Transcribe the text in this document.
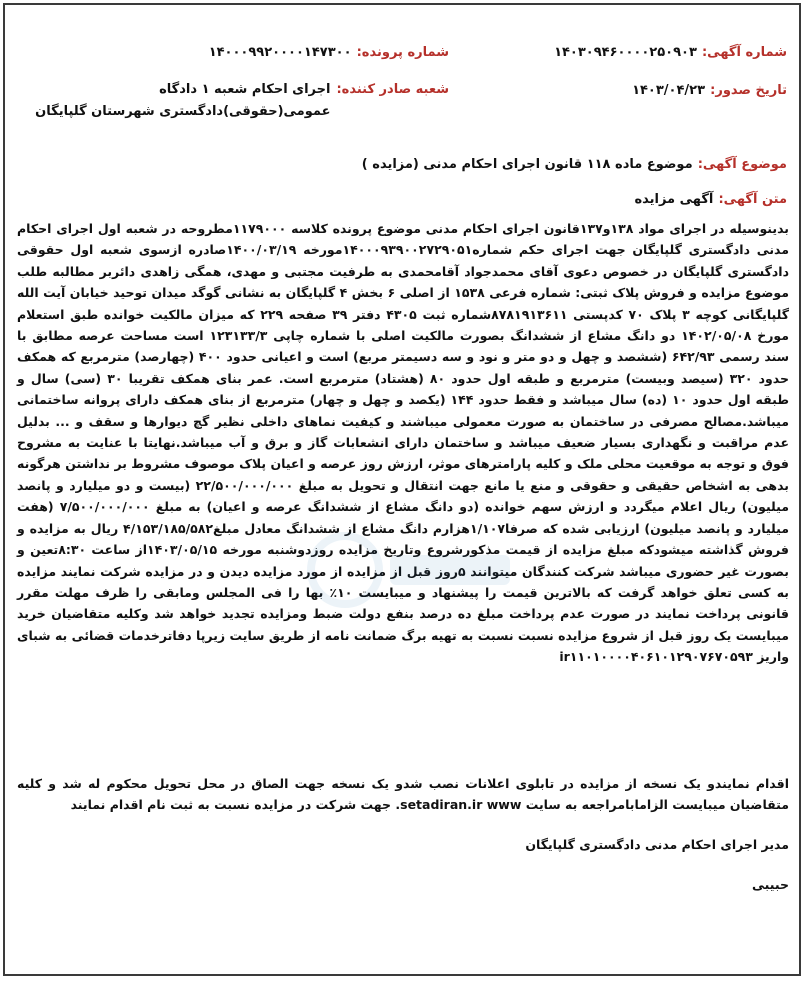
شماره آگهی: ۱۴۰۳۰۹۴۶۰۰۰۰۲۵۰۹۰۳
شماره پرونده: ۱۴۰۰۰۹۹۲۰۰۰۰۱۴۷۳۰۰
تاریخ صدور: ۱۴۰۳/۰۴/۲۳
شعبه صادر کننده:
اجرای احکام شعبه ۱ دادگاه عمومی(حقوقی)دادگستری شهرستان گلپایگان
موضوع آگهی: موضوع ماده ۱۱۸ قانون اجرای احکام مدنی (مزایده )
متن آگهی: آگهی مزایده
بدینوسیله در اجرای مواد ۱۳۸و۱۳۷قانون اجرای احکام مدنی موضوع پرونده کلاسه ۱۱۷۹۰۰۰مطروحه در شعبه اول اجرای احکام مدنی دادگستری گلپایگان جهت اجرای حکم شماره۱۴۰۰۰۹۳۹۰۰۲۷۲۹۰۵۱مورخه ۱۴۰۰/۰۳/۱۹صادره ازسوی شعبه اول حقوقی دادگستری گلپایگان در خصوص دعوی آقای محمدجواد آقامحمدی به طرفیت مجتبی و مهدی، همگی زاهدی دائربر مطالبه طلب موضوع مزایده و فروش پلاک ثبتی: شماره فرعی ۱۵۳۸ از اصلی ۶ بخش ۴ گلپایگان به نشانی گوگد میدان توحید خیابان آیت الله گلپایگانی کوچه ۳ پلاک ۷۰ کدپستی ۸۷۸۱۹۱۳۶۱۱شماره ثبت ۴۳۰۵ دفتر ۳۹ صفحه ۲۲۹ که میزان مالکیت خوانده طبق استعلام مورخ ۱۴۰۲/۰۵/۰۸ دو دانگ مشاع از ششدانگ بصورت مالکیت اصلی با شماره چاپی ۱۲۳۱۳۳/۳ است مساحت عرصه مطابق با سند رسمی ۶۴۲/۹۳ (ششصد و چهل و دو متر و نود و سه دسیمتر مربع) است و اعیانی حدود ۴۰۰ (چهارصد) مترمربع که همکف حدود ۳۲۰ (سیصد وبیست) مترمربع و طبقه اول حدود ۸۰ (هشتاد) مترمربع است. عمر بنای همکف تقریبا ۳۰ (سی) سال و طبقه اول حدود ۱۰ (ده) سال میباشد و فقط حدود ۱۴۴ (یکصد و چهل و چهار) مترمربع از بنای همکف دارای پروانه ساختمانی میباشد.مصالح مصرفی در ساختمان به صورت معمولی میباشند و کیفیت نماهای داخلی نظیر گچ دیوارها و سقف و ... بدلیل عدم مراقبت و نگهداری بسیار ضعیف میباشد و ساختمان دارای انشعابات گاز و برق و آب میباشد.نهایتا با عنایت به مشروح فوق و توجه به موقعیت محلی ملک و کلیه پارامترهای موثر، ارزش روز عرصه و اعیان پلاک موصوف مشروط بر نداشتن هرگونه بدهی به اشخاص حقیقی و حقوقی و منع یا مانع جهت انتقال و تحویل به مبلغ ۲۲/۵۰۰/۰۰۰/۰۰۰ (بیست و دو میلیارد و پانصد میلیون) ریال اعلام میگردد و ارزش سهم خوانده (دو دانگ مشاع از ششدانگ عرصه و اعیان) به مبلغ ۷/۵۰۰/۰۰۰/۰۰۰ (هفت میلیارد و پانصد میلیون) ارزیابی شده که صرفا۱/۱۰۷هزارم دانگ مشاع از ششدانگ معادل مبلغ۴/۱۵۳/۱۸۵/۵۸۲ ریال به مزایده و فروش گذاشته میشودکه مبلغ مزایده از قیمت مذکورشروع وتاریخ مزایده روزدوشنبه مورخه ۱۴۰۳/۰۵/۱۵از ساعت ۸:۳۰تعین و بصورت غیر حضوری میباشد شرکت کنندگان میتوانند ۵روز قبل از مزایده از مورد مزایده دیدن و در مزایده شرکت نمایند مزایده به کسی تعلق خواهد گرفت که بالاترین قیمت را پیشنهاد و میبایست ۱۰٪ بها را فی المجلس ومابقی را ظرف مهلت مقرر قانونی پرداخت نمایند در صورت عدم پرداخت مبلغ ده درصد بنفع دولت ضبط ومزایده تجدید خواهد شد وکلیه متقاضیان خرید میبایست یک روز قبل از شروع مزایده نسبت نسبت به تهیه برگ ضمانت نامه از طریق سایت زیرپا دفاترخدمات قضائی به شبای واریز ir۱۱۰۱۰۰۰۰۴۰۶۱۰۱۲۹۰۷۶۷۰۵۹۳
اقدام نمایندو یک نسخه از مزایده در تابلوی اعلانات نصب شدو یک نسخه جهت الصاق در محل تحویل محکوم له شد و کلیه متقاضیان میبایست الزامابامراجعه به سایت setadiran.ir www. جهت شرکت در مزایده نسبت به ثبت نام اقدام نمایند
مدیر اجرای احکام مدنی دادگستری گلپایگان
حبیبی
